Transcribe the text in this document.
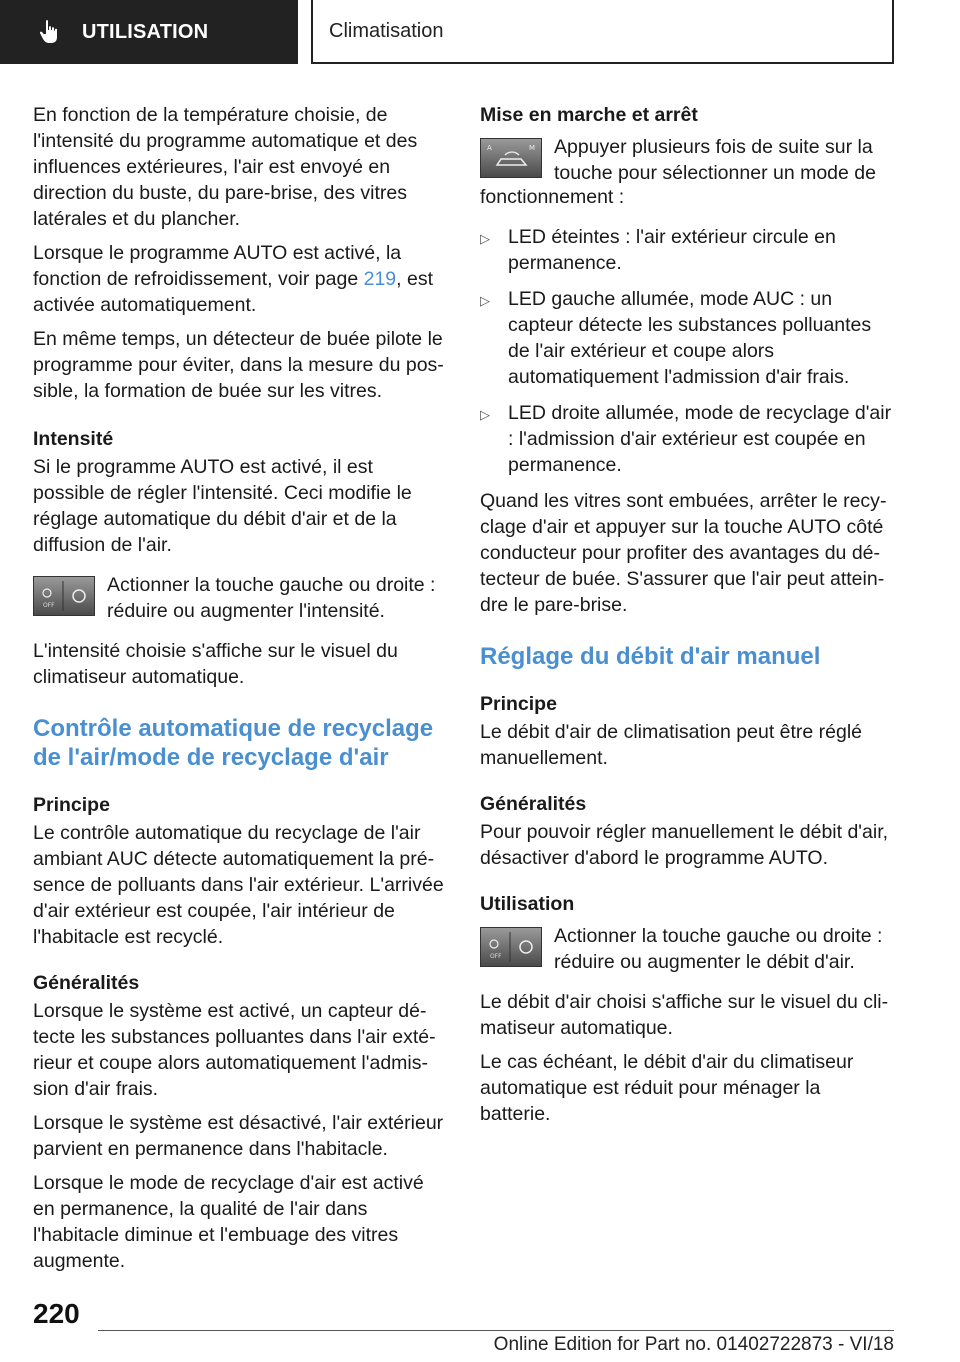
UTILISATION	Climatisation

En fonction de la température choisie, de l'intensité du programme automatique et des influences extérieures, l'air est envoyé en direction du buste, du pare-brise, des vitres latérales et du plancher.

Lorsque le programme AUTO est activé, la fonction de refroidissement, voir page 219, est activée automatiquement.

En même temps, un détecteur de buée pilote le programme pour éviter, dans la mesure du possible, la formation de buée sur les vitres.

Intensité

Si le programme AUTO est activé, il est possible de régler l'intensité. Ceci modifie le réglage automatique du débit d'air et de la diffusion de l'air.

OFF
Actionner la touche gauche ou droite :
réduire ou augmenter l'intensité.

L'intensité choisie s'affiche sur le visuel du climatiseur automatique.

Contrôle automatique de recyclage de l'air/mode de recyclage d'air
Principe

Le contrôle automatique du recyclage de l'air ambiant AUC détecte automatiquement la présence de polluants dans l'air extérieur. L'arrivée d'air extérieur est coupée, l'air intérieur de l'habitacle est recyclé.

Généralités

Lorsque le système est activé, un capteur détecte les substances polluantes dans l'air extérieur et coupe alors automatiquement l'admission d'air frais.

Lorsque le système est désactivé, l'air extérieur parvient en permanence dans l'habitacle.

Lorsque le mode de recyclage d'air est activé en permanence, la qualité de l'air dans l'habitacle diminue et l'embuage des vitres augmente.

Mise en marche et arrêt
A	M Appuyer plusieurs fois de suite sur la
touche pour sélectionner un mode de

fonctionnement :

▷ LED éteintes : l'air extérieur circule en permanence.
▷ LED gauche allumée, mode AUC : un capteur détecte les substances polluantes de l'air extérieur et coupe alors automatiquement l'admission d'air frais.
▷ LED droite allumée, mode de recyclage d'air : l'admission d'air extérieur est coupée en permanence.

Quand les vitres sont embuées, arrêter le recyclage d'air et appuyer sur la touche AUTO côté conducteur pour profiter des avantages du détecteur de buée. S'assurer que l'air peut atteindre le pare-brise.

Réglage du débit d'air manuel
Principe

Le débit d'air de climatisation peut être réglé manuellement.

Généralités

Pour pouvoir régler manuellement le débit d'air, désactiver d'abord le programme AUTO.

Utilisation
OFF
Actionner la touche gauche ou droite :
réduire ou augmenter le débit d'air.

Le débit d'air choisi s'affiche sur le visuel du climatiseur automatique.

Le cas échéant, le débit d'air du climatiseur automatique est réduit pour ménager la batterie.

220
Online Edition for Part no. 01402722873 - VI/18
